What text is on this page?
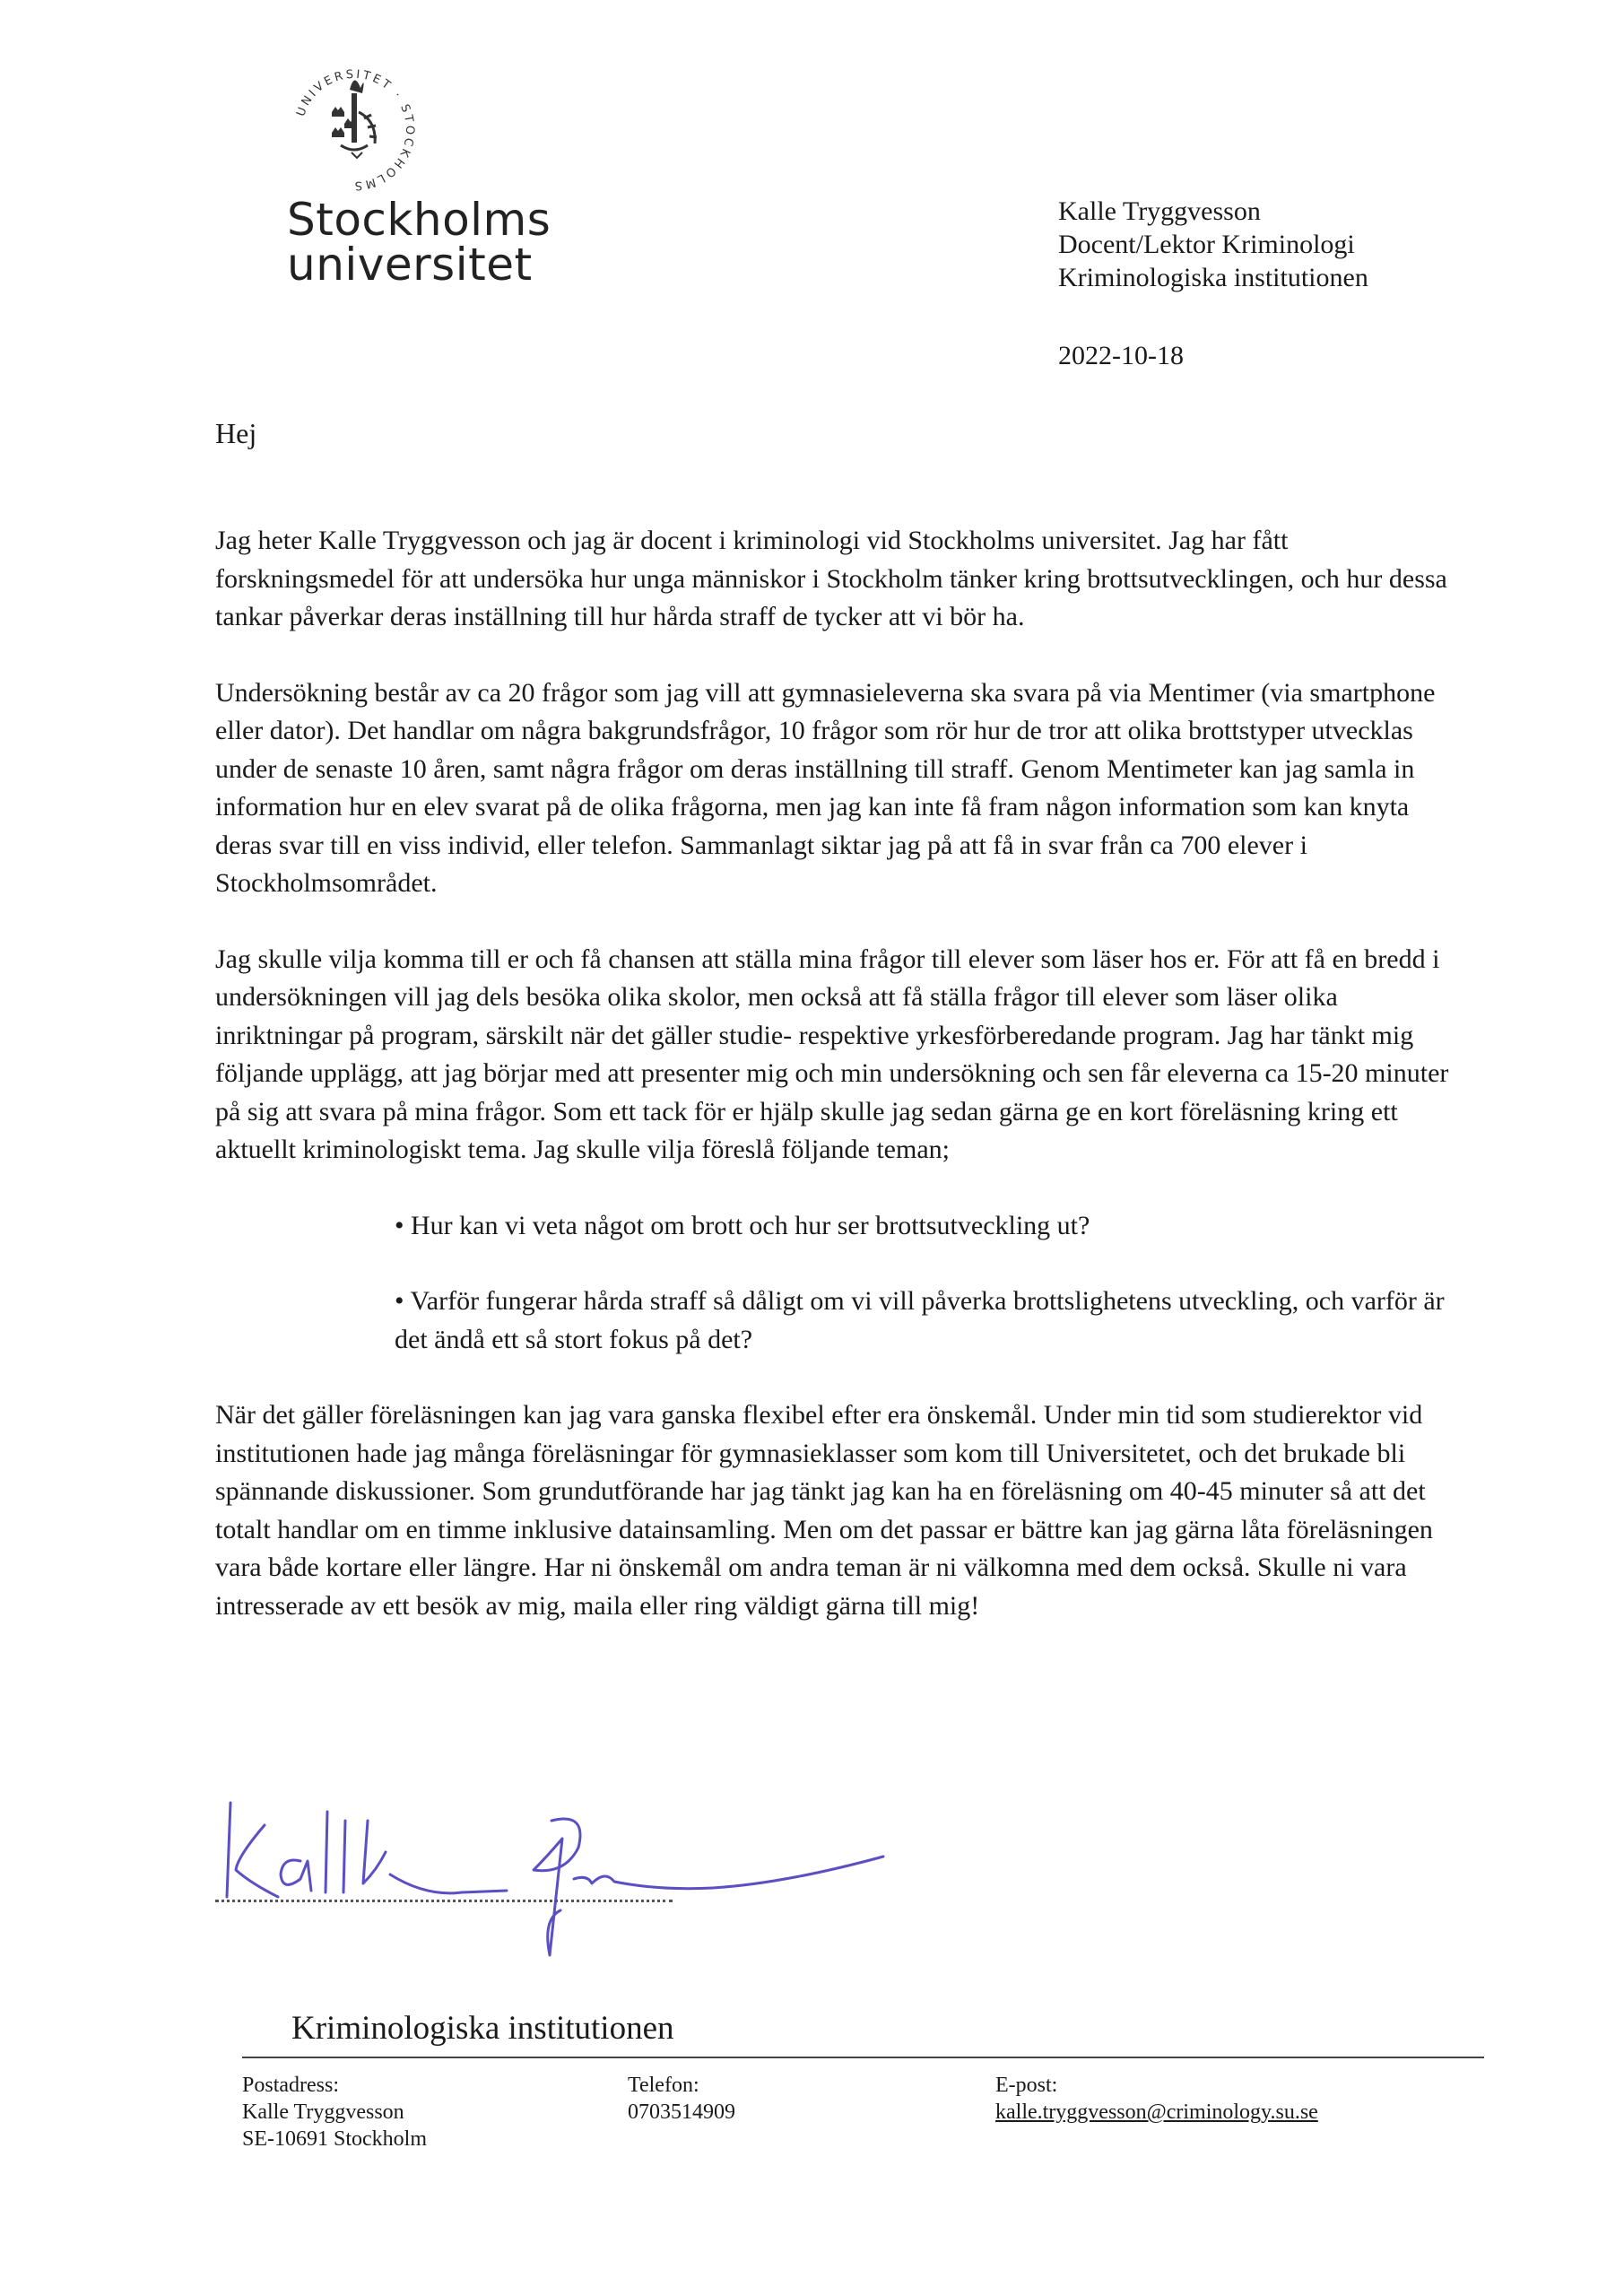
UNIVERSITET · STOCKHOLMS
Stockholms
universitet
Kalle Tryggvesson
Docent/Lektor Kriminologi
Kriminologiska institutionen
2022-10-18
Hej

Jag heter Kalle Tryggvesson och jag är docent i kriminologi vid Stockholms universitet. Jag har fått forskningsmedel för att undersöka hur unga människor i Stockholm tänker kring brottsutvecklingen, och hur dessa tankar påverkar deras inställning till hur hårda straff de tycker att vi bör ha.

Undersökning består av ca 20 frågor som jag vill att gymnasieleverna ska svara på via Mentimer (via smartphone eller dator). Det handlar om några bakgrundsfrågor, 10 frågor som rör hur de tror att olika brottstyper utvecklas under de senaste 10 åren, samt några frågor om deras inställning till straff. Genom Mentimeter kan jag samla in information hur en elev svarat på de olika frågorna, men jag kan inte få fram någon information som kan knyta deras svar till en viss individ, eller telefon. Sammanlagt siktar jag på att få in svar från ca 700 elever i Stockholmsområdet.

Jag skulle vilja komma till er och få chansen att ställa mina frågor till elever som läser hos er. För att få en bredd i undersökningen vill jag dels besöka olika skolor, men också att få ställa frågor till elever som läser olika inriktningar på program, särskilt när det gäller studie- respektive yrkesförberedande program. Jag har tänkt mig följande upplägg, att jag börjar med att presenter mig och min undersökning och sen får eleverna ca 15-20 minuter på sig att svara på mina frågor. Som ett tack för er hjälp skulle jag sedan gärna ge en kort föreläsning kring ett aktuellt kriminologiskt tema. Jag skulle vilja föreslå följande teman;

• Hur kan vi veta något om brott och hur ser brottsutveckling ut?
• Varför fungerar hårda straff så dåligt om vi vill påverka brottslighetens utveckling, och varför är det ändå ett så stort fokus på det?

När det gäller föreläsningen kan jag vara ganska flexibel efter era önskemål. Under min tid som studierektor vid institutionen hade jag många föreläsningar för gymnasieklasser som kom till Universitetet, och det brukade bli spännande diskussioner. Som grundutförande har jag tänkt jag kan ha en föreläsning om 40-45 minuter så att det totalt handlar om en timme inklusive datainsamling. Men om det passar er bättre kan jag gärna låta föreläsningen vara både kortare eller längre. Har ni önskemål om andra teman är ni välkomna med dem också. Skulle ni vara intresserade av ett besök av mig, maila eller ring väldigt gärna till mig!

Kriminologiska institutionen
Postadress:
Kalle Tryggvesson
SE-10691 Stockholm
Telefon:
0703514909
E-post:
kalle.tryggvesson@criminology.su.se
